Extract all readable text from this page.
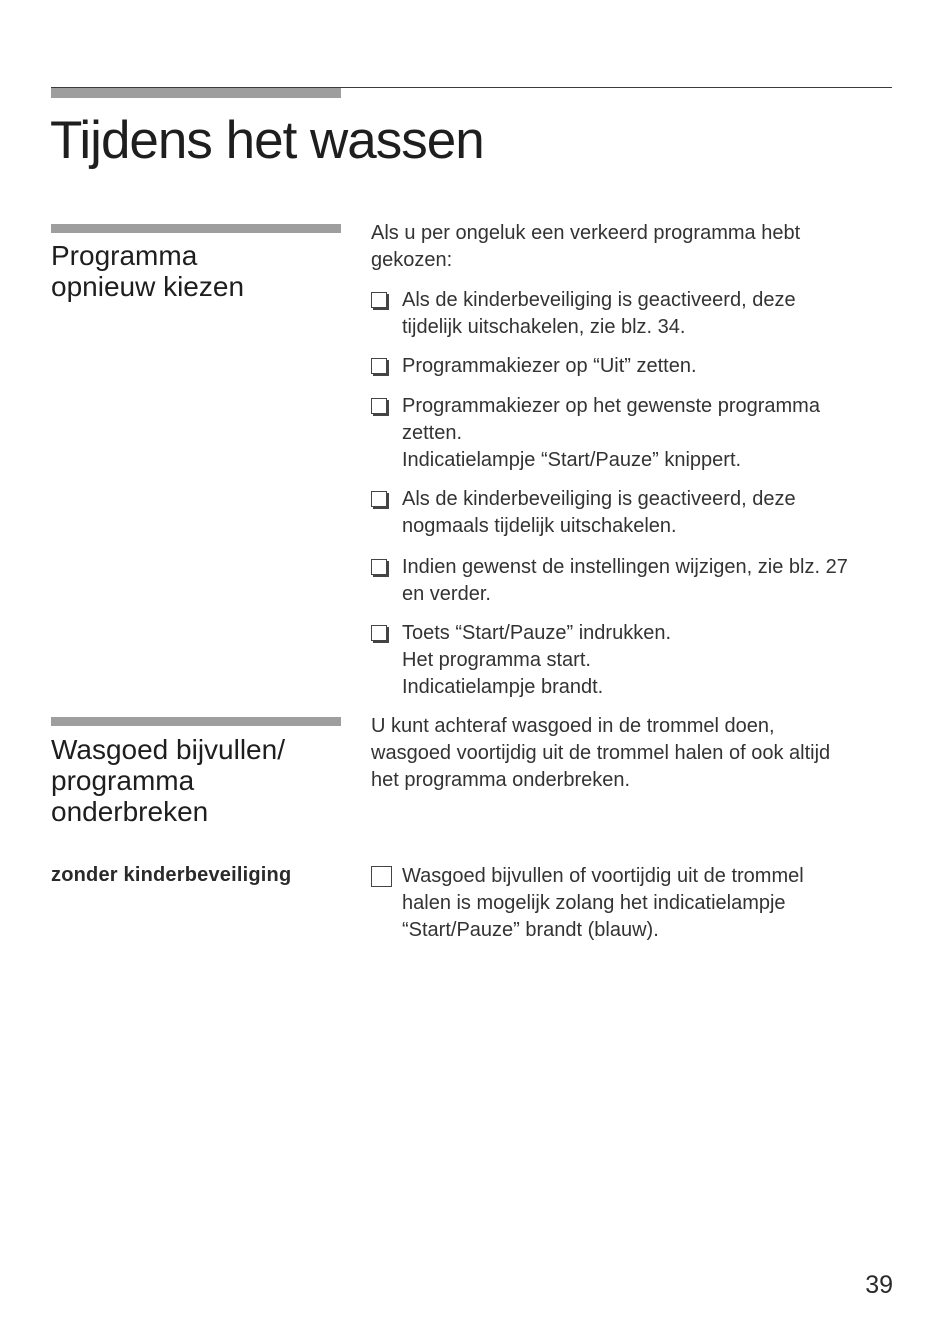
Tijdens het wassen
Programma
opnieuw kiezen

Als u per ongeluk een verkeerd programma hebt
gekozen:

Als de kinderbeveiliging is geactiveerd, deze
tijdelijk uitschakelen, zie blz. 34.
Programmakiezer op “Uit” zetten.
Programmakiezer op het gewenste programma
zetten.
Indicatielampje “Start/Pauze” knippert.
Als de kinderbeveiliging is geactiveerd, deze
nogmaals tijdelijk uitschakelen.
Indien gewenst de instellingen wijzigen, zie blz. 27
en verder.
Toets “Start/Pauze” indrukken.
Het programma start.
Indicatielampje brandt.
Wasgoed bijvullen/
programma
onderbreken

U kunt achteraf wasgoed in de trommel doen,
wasgoed voortijdig uit de trommel halen of ook altijd
het programma onderbreken.

zonder kinderbeveiliging	Wasgoed bijvullen of voortijdig uit de trommel
halen is mogelijk zolang het indicatielampje
“Start/Pauze” brandt (blauw).
39
